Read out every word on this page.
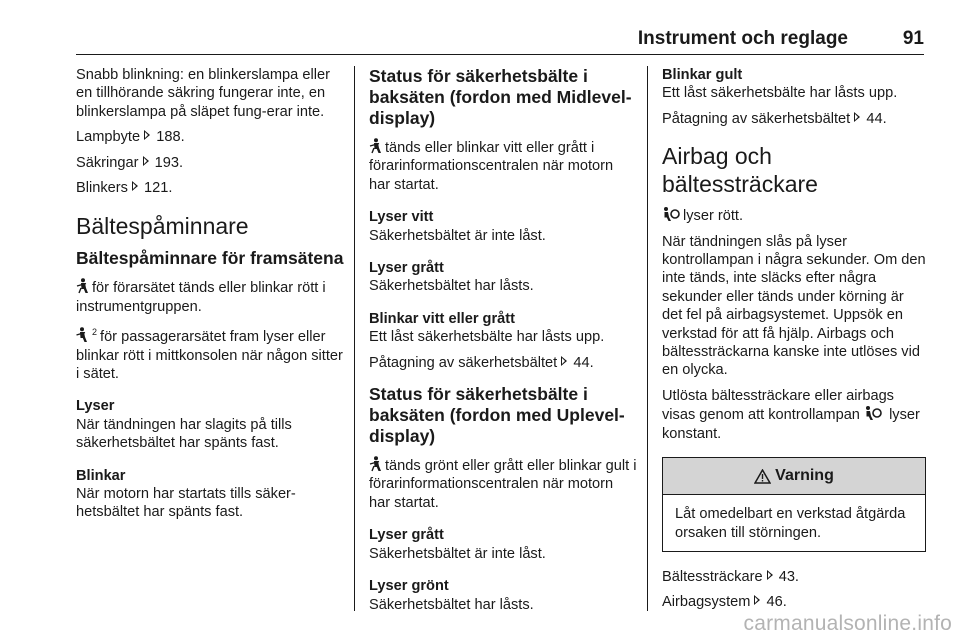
Instrument och reglage	91

Snabb blinkning: en blinkerslampa eller en tillhörande säkring fungerar inte, en blinkerslampa på släpet fung-erar inte.

Lampbyte 188.

Säkringar 193.

Blinkers 121.

Bältespåminnare
Bältespåminnare för framsätena

för förarsätet tänds eller blinkar rött i instrumentgruppen.

$^2$ för passagerarsätet fram lyser eller blinkar rött i mittkonsolen när någon sitter i sätet.

Lyser

När tändningen har slagits på tills säkerhetsbältet har spänts fast.

Blinkar

När motorn har startats tills säker-hetsbältet har spänts fast.

Status för säkerhetsbälte i baksäten (fordon med Midlevel-display)

tänds eller blinkar vitt eller grått i förarinformationscentralen när motorn har startat.

Lyser vitt

Säkerhetsbältet är inte låst.

Lyser grått

Säkerhetsbältet har låsts.

Blinkar vitt eller grått

Ett låst säkerhetsbälte har låsts upp.

Påtagning av säkerhetsbältet 44.

Status för säkerhetsbälte i baksäten (fordon med Uplevel-display)

tänds grönt eller grått eller blinkar gult i förarinformationscentralen när motorn har startat.

Lyser grått

Säkerhetsbältet är inte låst.

Lyser grönt

Säkerhetsbältet har låsts.

Blinkar gult

Ett låst säkerhetsbälte har låsts upp.

Påtagning av säkerhetsbältet 44.

Airbag och bältessträckare

lyser rött.

När tändningen slås på lyser kontrollampan i några sekunder. Om den inte tänds, inte släcks efter några sekunder eller tänds under körning är det fel på airbagsystemet. Uppsök en verkstad för att få hjälp. Airbags och bältessträckarna kanske inte utlöses vid en olycka.

Utlösta bältessträckare eller airbags visas genom att kontrollampan lyser konstant.

Varning
Låt omedelbart en verkstad åtgärda orsaken till störningen.

Bältessträckare 43.

Airbagsystem 46.

carmanualsonline.info
